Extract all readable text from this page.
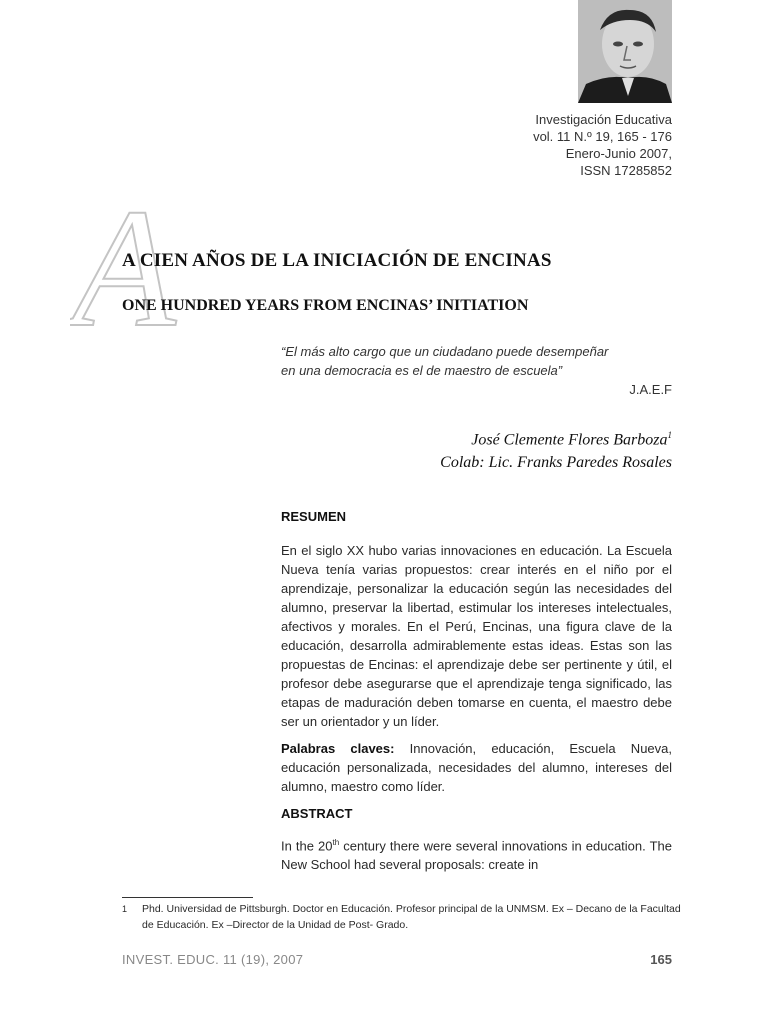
Investigación Educativa
vol. 11 N.º 19, 165 - 176
Enero-Junio 2007,
ISSN 17285852
A
A CIEN AÑOS DE LA INICIACIÓN DE ENCINAS
ONE HUNDRED YEARS FROM ENCINAS’ INITIATION
“El más alto cargo que un ciudadano puede desempeñar
en una democracia es el de maestro de escuela”
J.A.E.F
José Clemente Flores Barboza$^1$
Colab: Lic. Franks Paredes Rosales
RESUMEN

En el siglo XX hubo varias innovaciones en educación. La Escuela Nueva tenía varias propuestos: crear interés en el niño por el aprendizaje, personalizar la educación según las necesidades del alumno, preservar la libertad, estimular los intereses intelectuales, afectivos y morales. En el Perú, Encinas, una figura clave de la educación, desarrolla admirablemente estas ideas. Estas son las propuestas de Encinas: el aprendizaje debe ser pertinente y útil, el profesor debe asegurarse que el aprendizaje tenga significado, las etapas de maduración deben tomarse en cuenta, el maestro debe ser un orientador y un líder.

Palabras claves: Innovación, educación, Escuela Nueva, educación personalizada, necesidades del alumno, intereses del alumno, maestro como líder.

ABSTRACT

In the 20th century there were several innovations in education. The New School had several proposals: create in

1 Phd. Universidad de Pittsburgh. Doctor en Educación. Profesor principal de la UNMSM. Ex – Decano de la Facultad de Educación. Ex –Director de la Unidad de Post- Grado.
INVEST. EDUC. 11 (19), 2007	165
